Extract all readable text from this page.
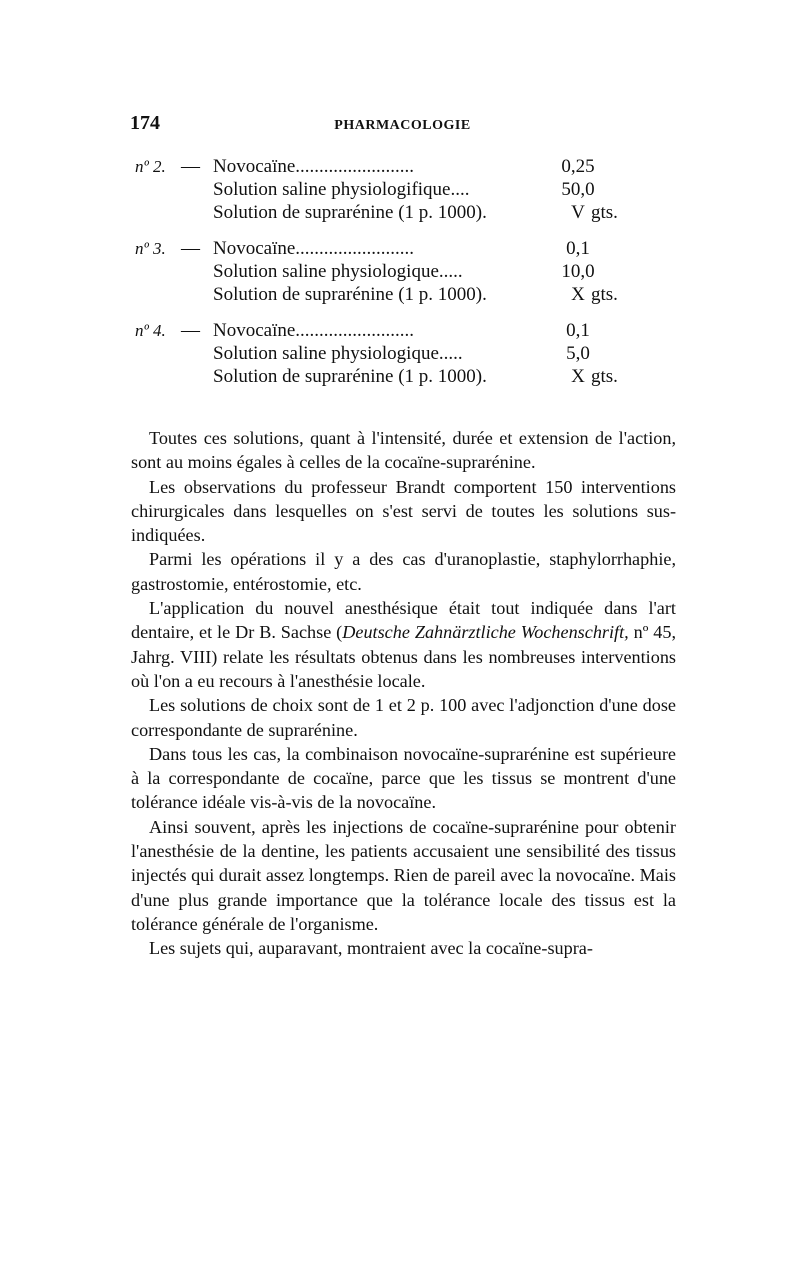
174	PHARMACOLOGIE
nº 2. — Novocaïne.........................	0,25
Solution saline physiologifique....	50,0
Solution de suprarénine (1 p. 1000).	V gts.
nº 3. — Novocaïne.........................	0,1
Solution saline physiologique.....	10,0
Solution de suprarénine (1 p. 1000).	X gts.
nº 4. — Novocaïne.........................	0,1
Solution saline physiologique.....	5,0
Solution de suprarénine (1 p. 1000).	X gts.

Toutes ces solutions, quant à l'intensité, durée et extension de l'action, sont au moins égales à celles de la cocaïne-suprarénine.

Les observations du professeur Brandt comportent 150 interventions chirurgicales dans lesquelles on s'est servi de toutes les solutions sus-indiquées.

Parmi les opérations il y a des cas d'uranoplastie, staphylorrhaphie, gastrostomie, entérostomie, etc.

L'application du nouvel anesthésique était tout indiquée dans l'art dentaire, et le Dr B. Sachse (Deutsche Zahnärztliche Wochenschrift, nº 45, Jahrg. VIII) relate les résultats obtenus dans les nombreuses interventions où l'on a eu recours à l'anesthésie locale.

Les solutions de choix sont de 1 et 2 p. 100 avec l'adjonction d'une dose correspondante de suprarénine.

Dans tous les cas, la combinaison novocaïne-suprarénine est supérieure à la correspondante de cocaïne, parce que les tissus se montrent d'une tolérance idéale vis-à-vis de la novocaïne.

Ainsi souvent, après les injections de cocaïne-suprarénine pour obtenir l'anesthésie de la dentine, les patients accusaient une sensibilité des tissus injectés qui durait assez longtemps. Rien de pareil avec la novocaïne. Mais d'une plus grande importance que la tolérance locale des tissus est la tolérance générale de l'organisme.

Les sujets qui, auparavant, montraient avec la cocaïne-supra-
